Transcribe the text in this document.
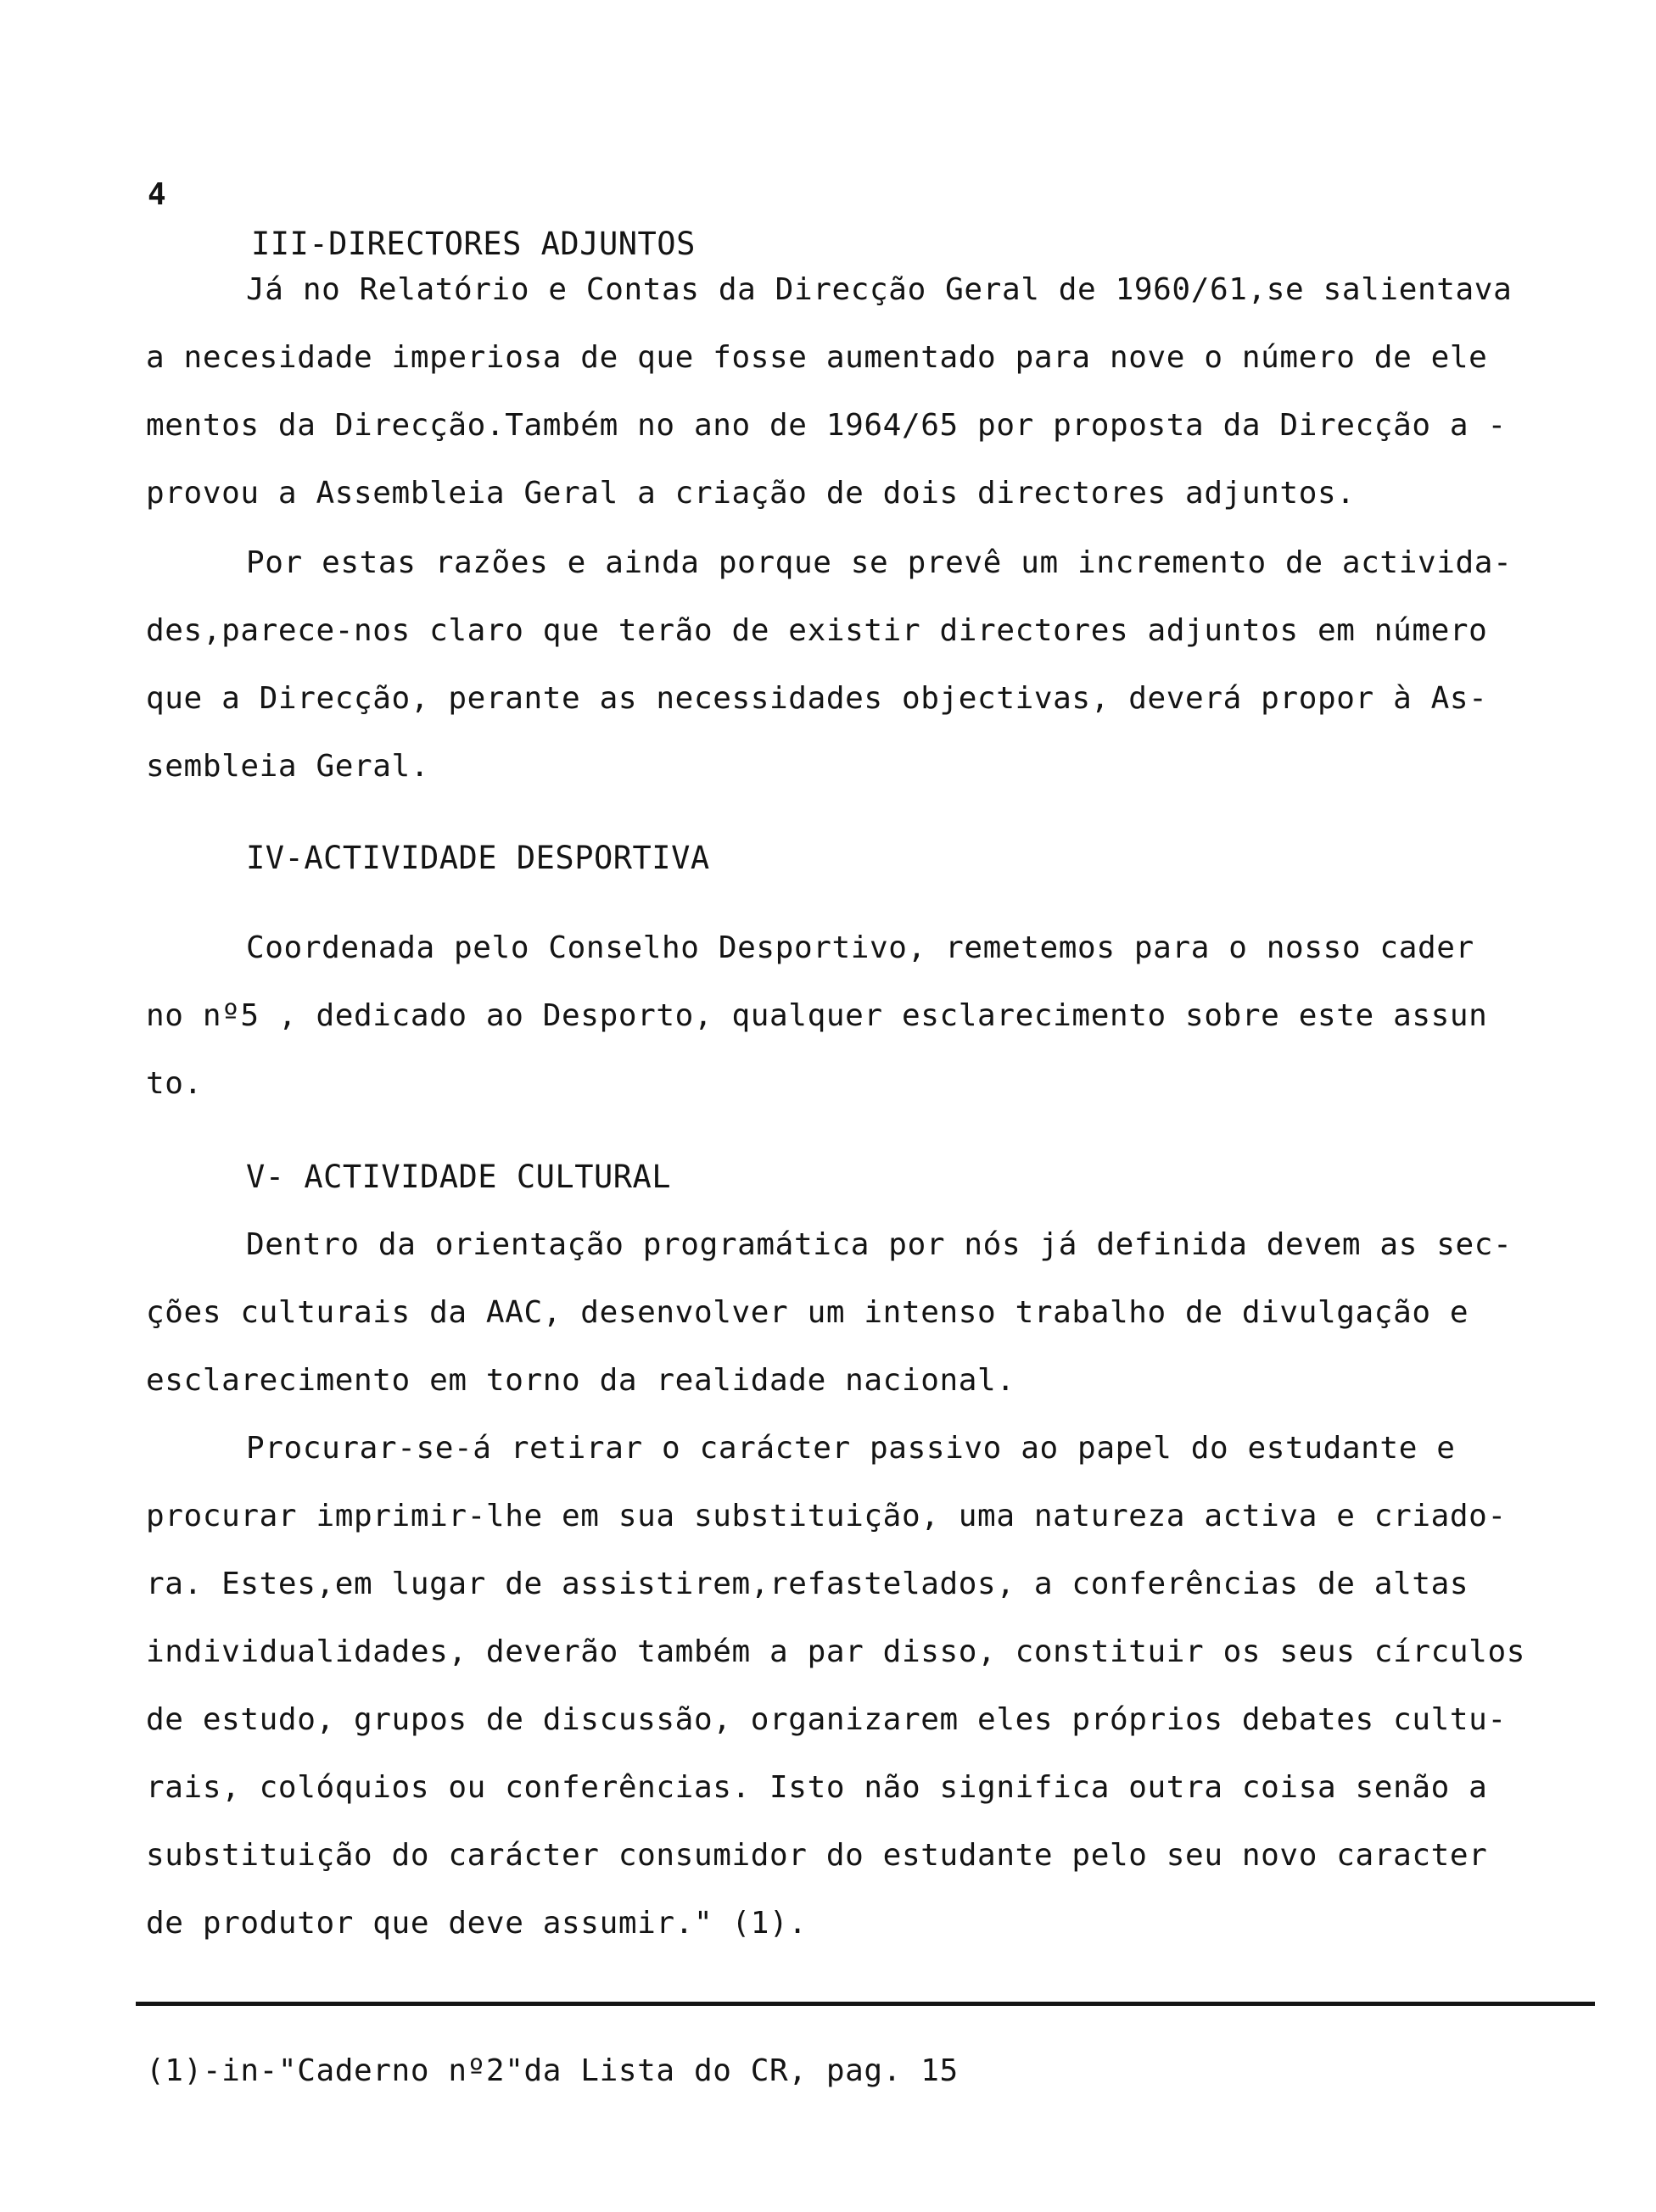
4
III-DIRECTORES ADJUNTOS
Já no Relatório e Contas da Direcção Geral de 1960/61,se salientava
a necesidade imperiosa de que fosse aumentado para nove o número de ele
mentos da Direcção.Também no ano de 1964/65 por proposta da Direcção a -
provou a Assembleia Geral a criação de dois directores adjuntos.
Por estas razões e ainda porque se prevê um incremento de activida-
des,parece-nos claro que terão de existir directores adjuntos em número
que a Direcção, perante as necessidades objectivas, deverá propor à As-
sembleia Geral.
IV-ACTIVIDADE DESPORTIVA
Coordenada pelo Conselho Desportivo, remetemos para o nosso cader
no nº5 , dedicado ao Desporto, qualquer esclarecimento sobre este assun
to.
V- ACTIVIDADE CULTURAL
Dentro da orientação programática por nós já definida devem as sec-
ções culturais da AAC, desenvolver um intenso trabalho de divulgação e
esclarecimento em torno da realidade nacional.
Procurar-se-á retirar o carácter passivo ao papel do estudante e
procurar imprimir-lhe em sua substituição, uma natureza activa e criado-
ra. Estes,em lugar de assistirem,refastelados, a conferências de altas
individualidades, deverão também a par disso, constituir os seus círculos
de estudo, grupos de discussão, organizarem eles próprios debates cultu-
rais, colóquios ou conferências. Isto não significa outra coisa senão a
substituição do carácter consumidor do estudante pelo seu novo caracter
de produtor que deve assumir." (1).
(1)-in-"Caderno nº2"da Lista do CR, pag. 15
